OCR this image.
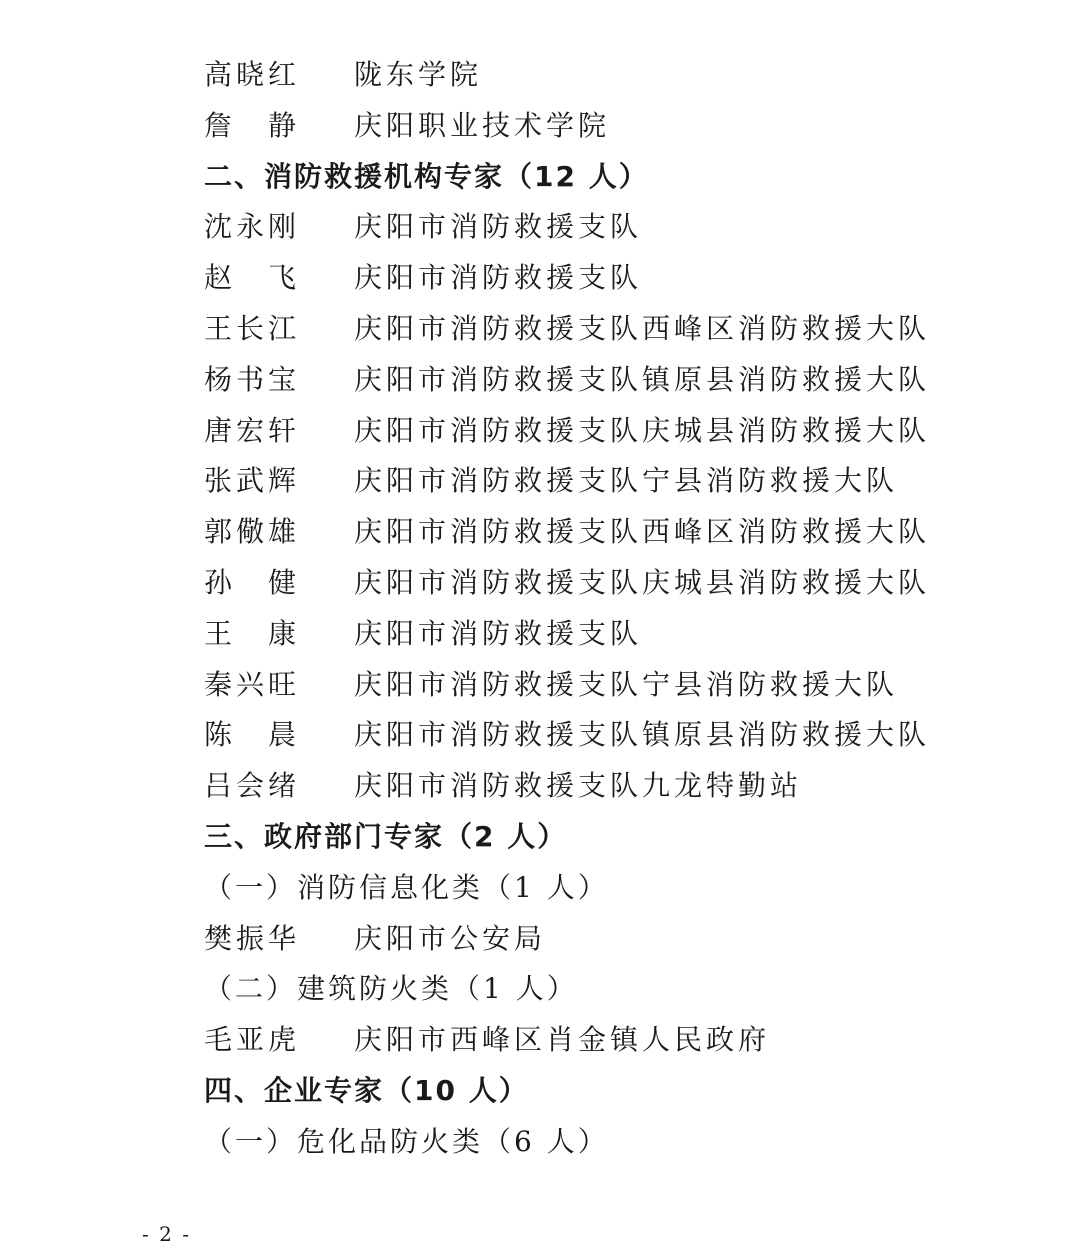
高晓红	陇东学院
詹　静	庆阳职业技术学院
二、消防救援机构专家（12 人）
沈永刚	庆阳市消防救援支队
赵　飞	庆阳市消防救援支队
王长江	庆阳市消防救援支队西峰区消防救援大队
杨书宝	庆阳市消防救援支队镇原县消防救援大队
唐宏轩	庆阳市消防救援支队庆城县消防救援大队
张武辉	庆阳市消防救援支队宁县消防救援大队
郭儆雄	庆阳市消防救援支队西峰区消防救援大队
孙　健	庆阳市消防救援支队庆城县消防救援大队
王　康	庆阳市消防救援支队
秦兴旺	庆阳市消防救援支队宁县消防救援大队
陈　晨	庆阳市消防救援支队镇原县消防救援大队
吕会绪	庆阳市消防救援支队九龙特勤站
三、政府部门专家（2 人）
（一）消防信息化类（1 人）
樊振华	庆阳市公安局
（二）建筑防火类（1 人）
毛亚虎	庆阳市西峰区肖金镇人民政府
四、企业专家（10 人）
（一）危化品防火类（6 人）
- 2 -
